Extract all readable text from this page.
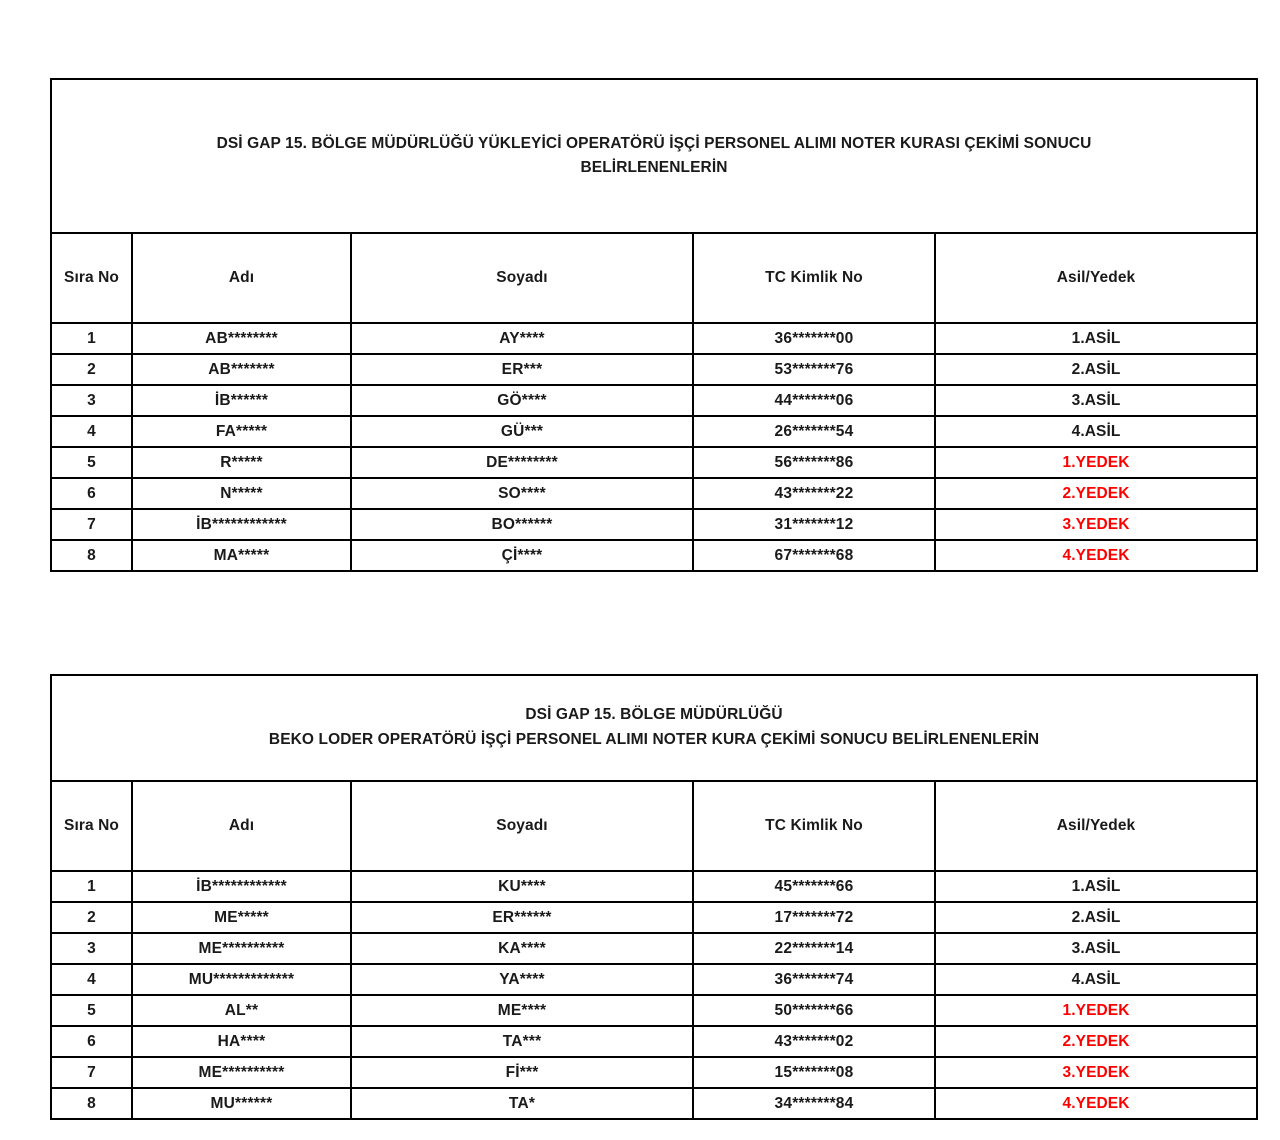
DSİ GAP 15. BÖLGE MÜDÜRLÜĞÜ YÜKLEYİCİ OPERATÖRÜ İŞÇİ PERSONEL ALIMI NOTER KURASI ÇEKİMİ SONUCU
BELİRLENENLERİN				

Sıra No	Adı	Soyadı	TC Kimlik No	Asil/Yedek
1	AB********	AY****	36*******00	1.ASİL
2	AB*******	ER***	53*******76	2.ASİL
3	İB******	GÖ****	44*******06	3.ASİL
4	FA*****	GÜ***	26*******54	4.ASİL
5	R*****	DE********	56*******86	1.YEDEK
6	N*****	SO****	43*******22	2.YEDEK
7	İB************	BO******	31*******12	3.YEDEK
8	MA*****	Çİ****	67*******68	4.YEDEK
DSİ GAP 15. BÖLGE MÜDÜRLÜĞÜ
BEKO LODER OPERATÖRÜ İŞÇİ PERSONEL ALIMI NOTER KURA ÇEKİMİ SONUCU BELİRLENENLERİN				

Sıra No	Adı	Soyadı	TC Kimlik No	Asil/Yedek
1	İB************	KU****	45*******66	1.ASİL
2	ME*****	ER******	17*******72	2.ASİL
3	ME**********	KA****	22*******14	3.ASİL
4	MU*************	YA****	36*******74	4.ASİL
5	AL**	ME****	50*******66	1.YEDEK
6	HA****	TA***	43*******02	2.YEDEK
7	ME**********	Fİ***	15*******08	3.YEDEK
8	MU******	TA*	34*******84	4.YEDEK
